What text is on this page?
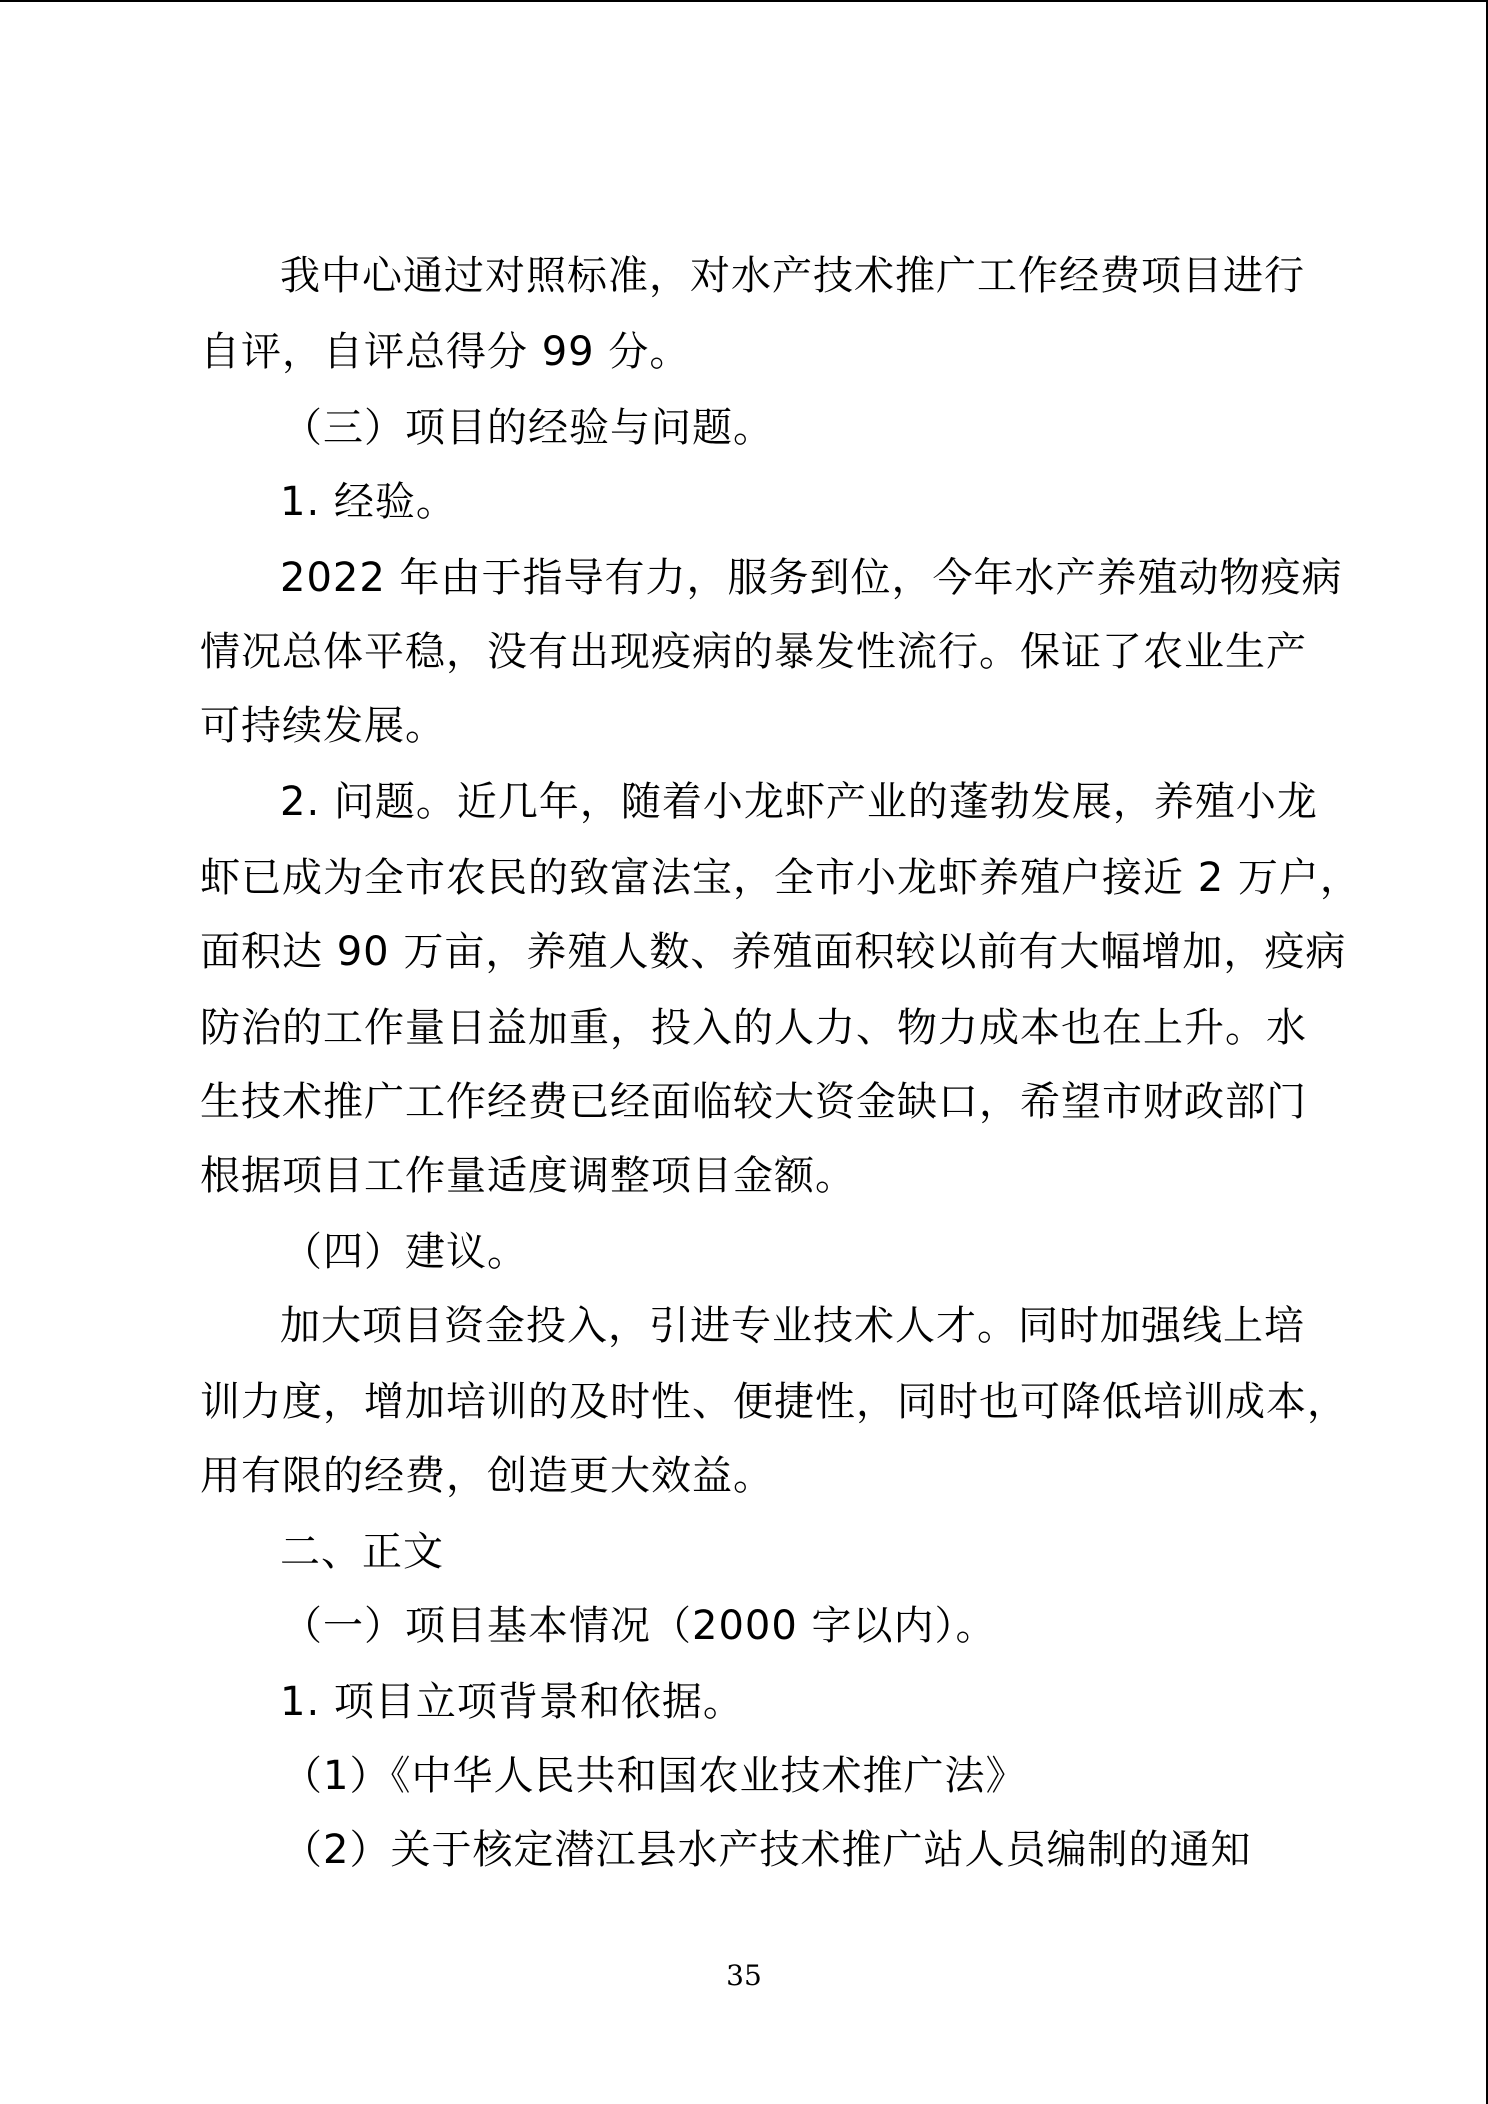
我中心通过对照标准，对水产技术推广工作经费项目进行

自评，自评总得分 99 分。

（三）项目的经验与问题。

1. 经验。

2022 年由于指导有力，服务到位，今年水产养殖动物疫病

情况总体平稳，没有出现疫病的暴发性流行。保证了农业生产

可持续发展。

2. 问题。近几年，随着小龙虾产业的蓬勃发展，养殖小龙

虾已成为全市农民的致富法宝，全市小龙虾养殖户接近 2 万户，

面积达 90 万亩，养殖人数、养殖面积较以前有大幅增加，疫病

防治的工作量日益加重，投入的人力、物力成本也在上升。水

生技术推广工作经费已经面临较大资金缺口，希望市财政部门

根据项目工作量适度调整项目金额。

（四）建议。

加大项目资金投入，引进专业技术人才。同时加强线上培

训力度，增加培训的及时性、便捷性，同时也可降低培训成本，

用有限的经费，创造更大效益。

二、正文

（一）项目基本情况（2000 字以内）。

1. 项目立项背景和依据。

（1）《中华人民共和国农业技术推广法》

（2）关于核定潜江县水产技术推广站人员编制的通知

35
